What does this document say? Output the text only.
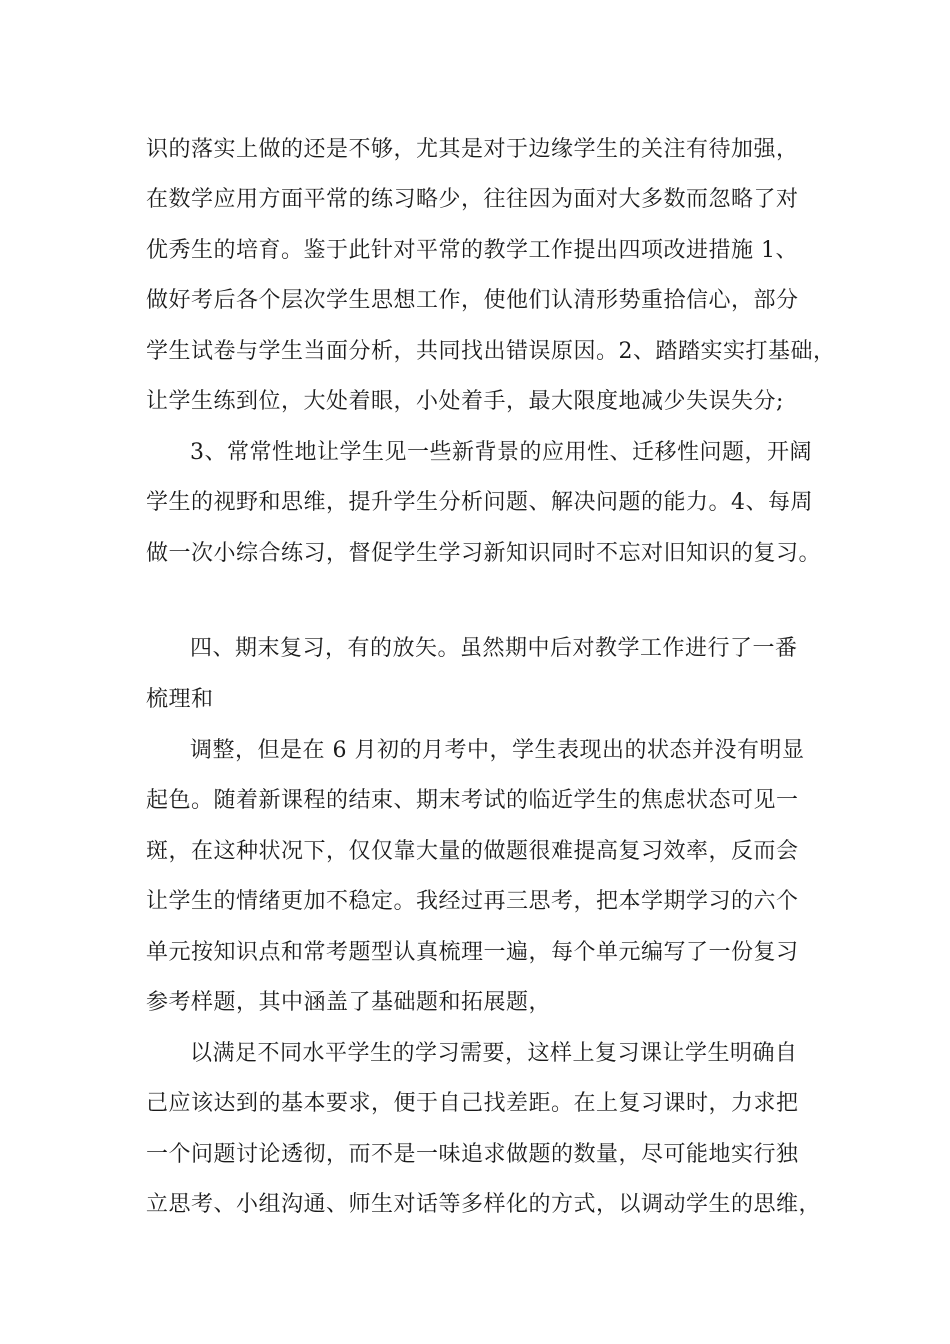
识的落实上做的还是不够，尤其是对于边缘学生的关注有待加强，

在数学应用方面平常的练习略少，往往因为面对大多数而忽略了对

优秀生的培育。鉴于此针对平常的教学工作提出四项改进措施 1、

做好考后各个层次学生思想工作，使他们认清形势重拾信心，部分

学生试卷与学生当面分析，共同找出错误原因。2、踏踏实实打基础，

让学生练到位，大处着眼，小处着手，最大限度地减少失误失分;

3、常常性地让学生见一些新背景的应用性、迁移性问题，开阔

学生的视野和思维，提升学生分析问题、解决问题的能力。4、每周

做一次小综合练习，督促学生学习新知识同时不忘对旧知识的复习。

四、期末复习，有的放矢。虽然期中后对教学工作进行了一番

梳理和

调整，但是在 6 月初的月考中，学生表现出的状态并没有明显

起色。随着新课程的结束、期末考试的临近学生的焦虑状态可见一

斑，在这种状况下，仅仅靠大量的做题很难提高复习效率，反而会

让学生的情绪更加不稳定。我经过再三思考，把本学期学习的六个

单元按知识点和常考题型认真梳理一遍，每个单元编写了一份复习

参考样题，其中涵盖了基础题和拓展题，

以满足不同水平学生的学习需要，这样上复习课让学生明确自

己应该达到的基本要求，便于自己找差距。在上复习课时，力求把

一个问题讨论透彻，而不是一味追求做题的数量，尽可能地实行独

立思考、小组沟通、师生对话等多样化的方式，以调动学生的思维，
